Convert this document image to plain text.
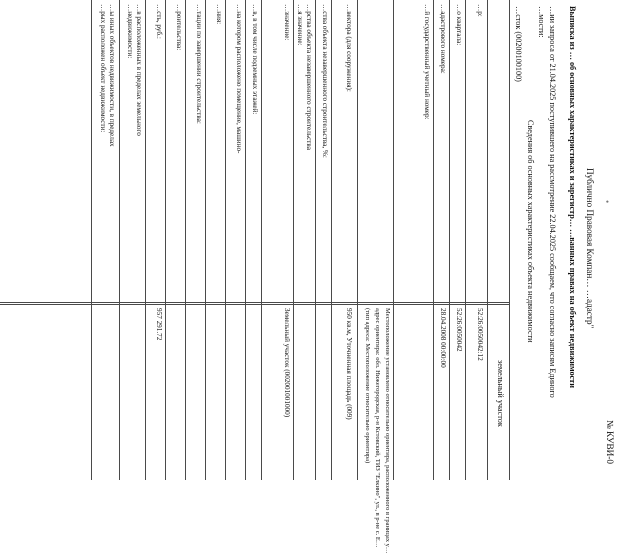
•
Публично Правовая Компан… …адастр"
№ КУВИ-0
Выписка из … об основных характеристиках и зарегистр… …ванных правах на объект недвижимости
…ии запроса от 21.04.2025 поступившего на рассмотрение 22.04.2025 сообщаем, что согласно записям Единого
…мости:
Сведения об основных характеристиках объекта недвижимости
…сток (00200100100)
земельный участок
…р:
52:26:0050042:12
…о квартала:
52:26:0050042
…адастрового номера:
28.04.2008 00:00:00
…й государственный учетный номер:
Местоположение установлено относительно ориентира, расположенного в границах у…
адрес ориентира: обл. Нижегородская, р-н Кстовский, ТИЗ "Елкино", ул., в р-не с. Е…
(тип адреса: Местоположение относительно ориентира)
…вектора (для сооружения):
950 кв.м, Уточненная площадь (009)
…ства объекта незавершенного строительства, %:
…рства объекта незавершенного строительства
…я значение:
…значение:
Земельный участок (002001001000)
…в, в том числе подземных этажей:
…на котором расположено помещение, машино-
…ния:
…тации по завершении строительства:
…роительства:
…сть, руб.:
957 291.72
…в расположенных в пределах земельного
…недвижимости:
…ы иных объектов недвижимости, в пределах
…рых расположен объект недвижимости:
